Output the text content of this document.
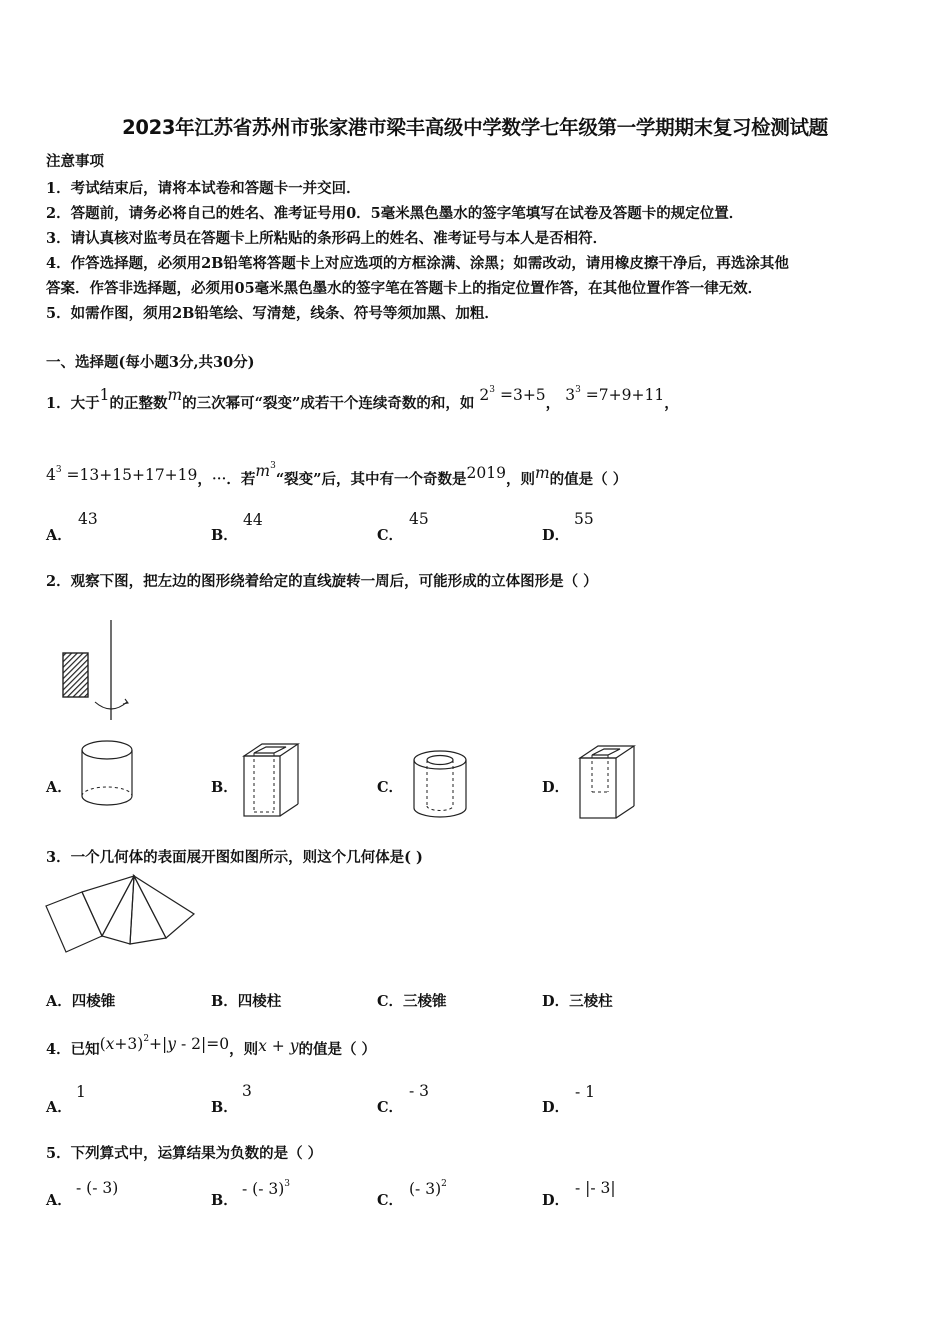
2023年江苏省苏州市张家港市梁丰高级中学数学七年级第一学期期末复习检测试题
注意事项
1．考试结束后，请将本试卷和答题卡一并交回．
2．答题前，请务必将自己的姓名、准考证号用0．5毫米黑色墨水的签字笔填写在试卷及答题卡的规定位置．
3．请认真核对监考员在答题卡上所粘贴的条形码上的姓名、准考证号与本人是否相符．
4．作答选择题，必须用2B铅笔将答题卡上对应选项的方框涂满、涂黑；如需改动，请用橡皮擦干净后，再选涂其他
答案．作答非选择题，必须用05毫米黑色墨水的签字笔在答题卡上的指定位置作答，在其他位置作答一律无效．
5．如需作图，须用2B铅笔绘、写清楚，线条、符号等须加黑、加粗．
一、选择题(每小题3分,共30分)
1．大于1的正整数m的三次幂可“裂变”成若干个连续奇数的和，如 $2^3 =3+5$， $3^3 =7+9+11$，
$4^3 =13+15+17+19$，⋯．若$m^3“$裂变”后，其中有一个奇数是2019，则m的值是（ ）
A．
43
B．
44
C．
45
D．
55
2．观察下图，把左边的图形绕着给定的直线旋转一周后，可能形成的立体图形是（ ）
A．	B．	C．	D．
3．一个几何体的表面展开图如图所示，则这个几何体是( )
A．四棱锥	B．四棱柱	C．三棱锥	D．三棱柱
4．已知$(x+3)^2+|y - 2|=0$，则x + y的值是（ ）
A．
1
B．
3
C．
- 3
D．
- 1
5．下列算式中，运算结果为负数的是（ ）
A．
- (- 3)
B．
- (- 3)$^3$
C．
(- 3)$^2$
D．
- |- 3|
